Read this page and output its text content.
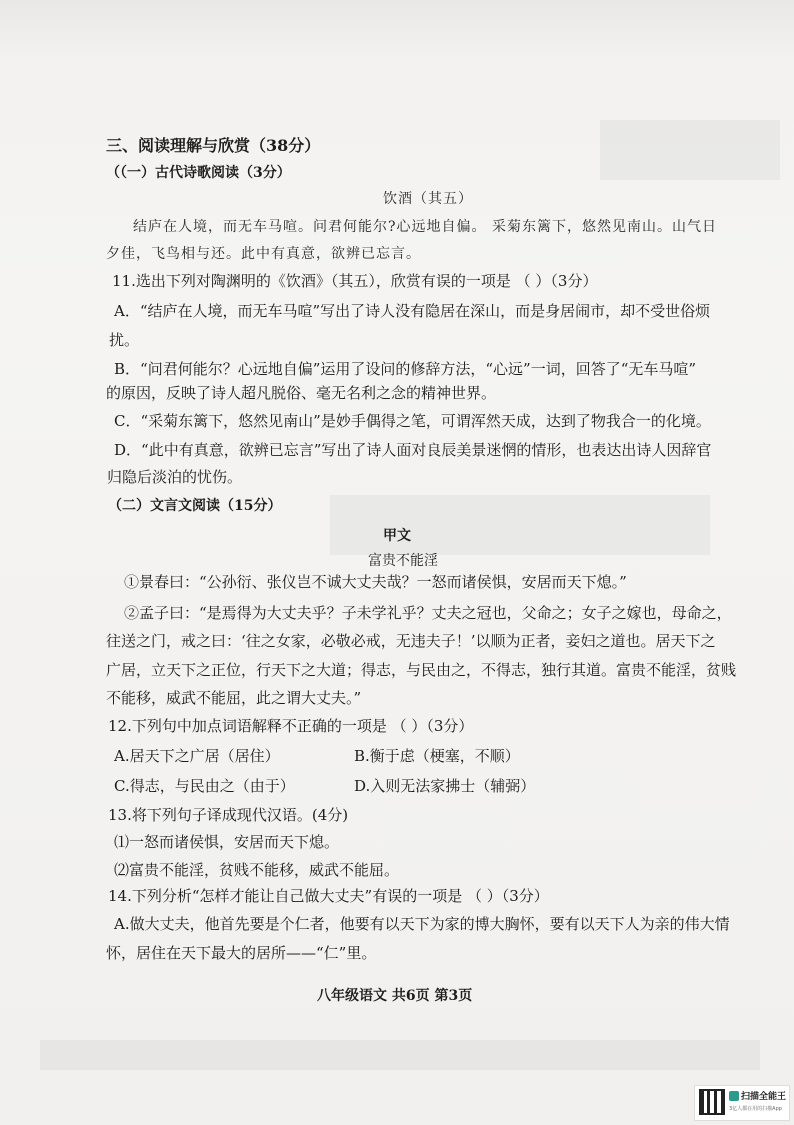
三、阅读理解与欣赏（38分）
（（一）古代诗歌阅读（3分）
饮酒（其五）
结庐在人境，而无车马喧。问君何能尔?心远地自偏。 采菊东篱下，悠然见南山。山气日
夕佳，飞鸟相与还。此中有真意，欲辨已忘言。
11.选出下列对陶渊明的《饮酒》（其五），欣赏有误的一项是 （ ）（3分）
A．“结庐在人境，而无车马喧”写出了诗人没有隐居在深山，而是身居闹市，却不受世俗烦
扰。
B．“问君何能尔？心远地自偏”运用了设问的修辞方法，“心远”一词，回答了“无车马喧”
的原因，反映了诗人超凡脱俗、毫无名利之念的精神世界。
C．“采菊东篱下，悠然见南山”是妙手偶得之笔，可谓浑然天成，达到了物我合一的化境。
D．“此中有真意，欲辨已忘言”写出了诗人面对良辰美景迷惘的情形，也表达出诗人因辞官
归隐后淡泊的忧伤。
（二）文言文阅读（15分）
甲文
富贵不能淫
①景春曰：“公孙衍、张仪岂不诚大丈夫哉？一怒而诸侯惧，安居而天下熄。”
②孟子曰：“是焉得为大丈夫乎？子未学礼乎？丈夫之冠也，父命之；女子之嫁也，母命之，
往送之门，戒之曰：‘往之女家，必敬必戒，无违夫子！’以顺为正者，妾妇之道也。居天下之
广居，立天下之正位，行天下之大道；得志，与民由之，不得志，独行其道。富贵不能淫，贫贱
不能移，威武不能屈，此之谓大丈夫。”
12.下列句中加点词语解释不正确的一项是 （ ）（3分）
A.居天下之广居（居住）	B.衡于虑（梗塞，不顺）
C.得志，与民由之（由于）	D.入则无法家拂士（辅弼）
13.将下列句子译成现代汉语。(4分)
⑴一怒而诸侯惧，安居而天下熄。
⑵富贵不能淫，贫贱不能移，威武不能屈。
14.下列分析“怎样才能让自己做大丈夫”有误的一项是 （ ）（3分）
A.做大丈夫，他首先要是个仁者，他要有以天下为家的博大胸怀，要有以天下人为亲的伟大情
怀，居住在天下最大的居所——“仁”里。
八年级语文 共6页 第3页
扫描全能王
3亿人都在用的扫描App
